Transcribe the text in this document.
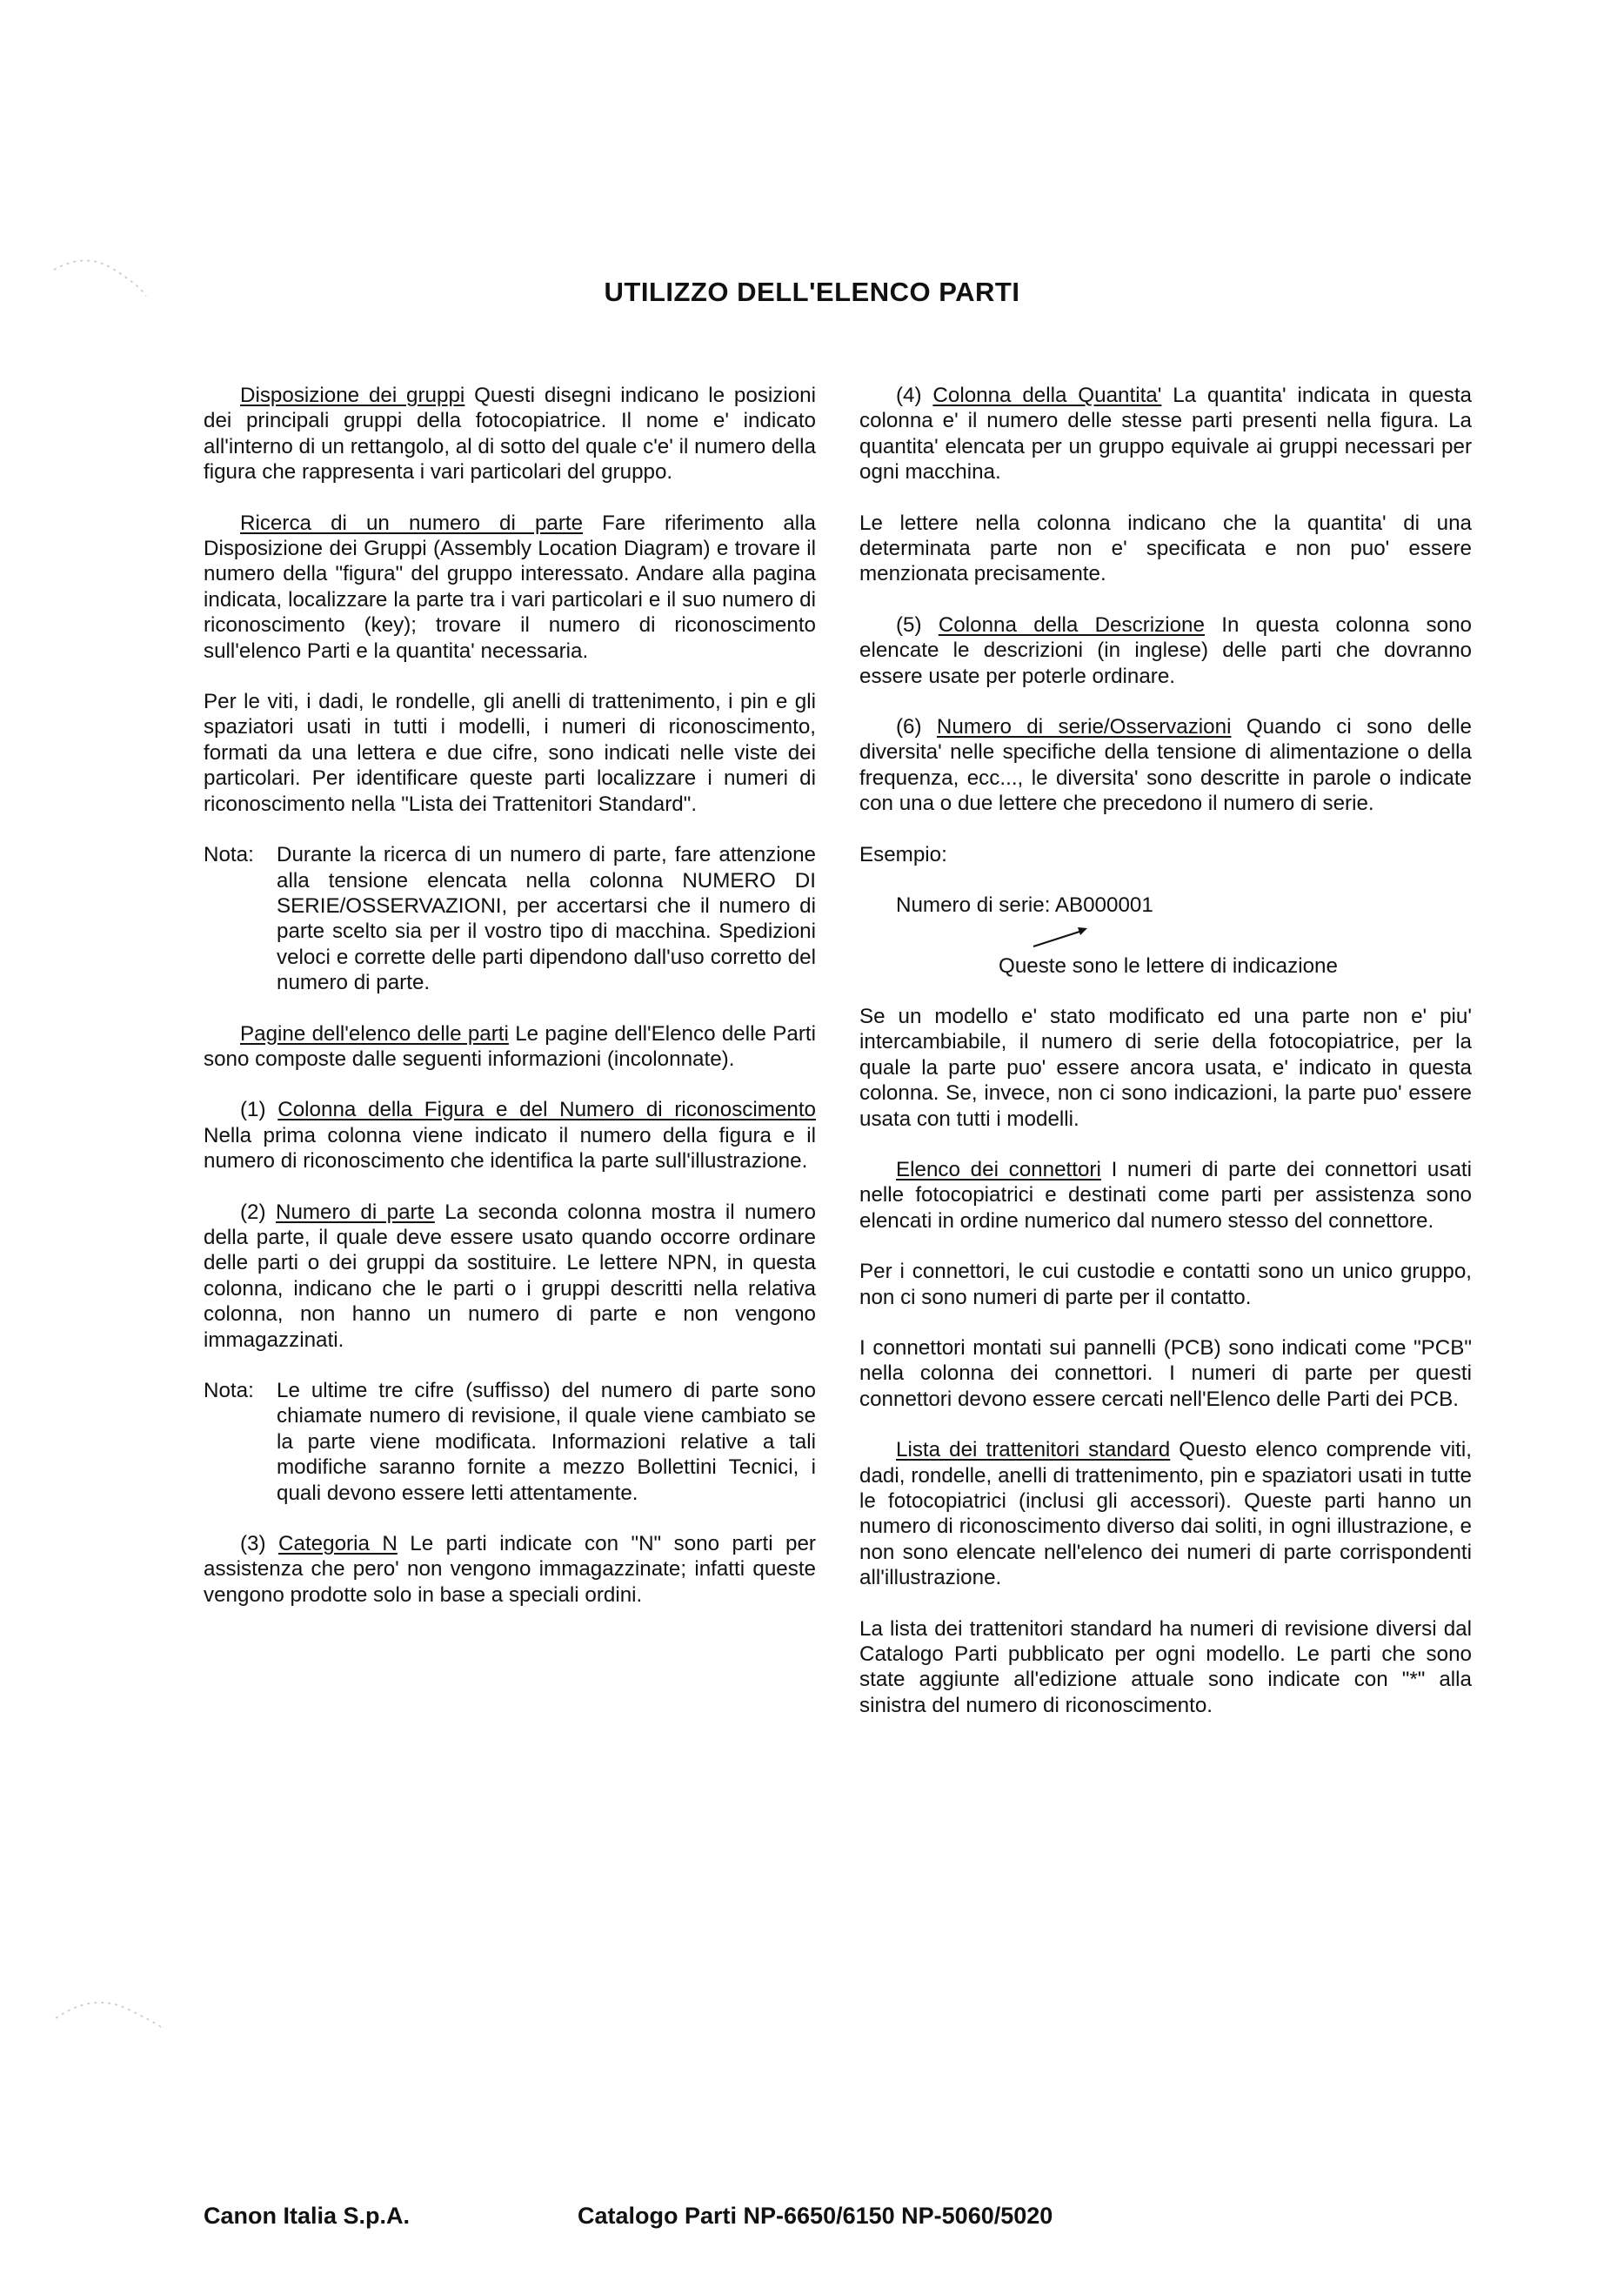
UTILIZZO DELL'ELENCO PARTI

Disposizione dei gruppi Questi disegni indicano le posizioni dei principali gruppi della fotocopiatrice. Il nome e' indicato all'interno di un rettangolo, al di sotto del quale c'e' il numero della figura che rappresenta i vari particolari del gruppo.

Ricerca di un numero di parte Fare riferimento alla Disposizione dei Gruppi (Assembly Location Diagram) e trovare il numero della "figura" del gruppo interessato. Andare alla pagina indicata, localizzare la parte tra i vari particolari e il suo numero di riconoscimento (key); trovare il numero di riconoscimento sull'elenco Parti e la quantita' necessaria.

Per le viti, i dadi, le rondelle, gli anelli di trattenimento, i pin e gli spaziatori usati in tutti i modelli, i numeri di riconoscimento, formati da una lettera e due cifre, sono indicati nelle viste dei particolari. Per identificare queste parti localizzare i numeri di riconoscimento nella "Lista dei Trattenitori Standard".

Nota:	Durante la ricerca di un numero di parte, fare attenzione alla tensione elencata nella colonna NUMERO DI SERIE/OSSERVAZIONI, per accertarsi che il numero di parte scelto sia per il vostro tipo di macchina. Spedizioni veloci e corrette delle parti dipendono dall'uso corretto del numero di parte.

Pagine dell'elenco delle parti Le pagine dell'Elenco delle Parti sono composte dalle seguenti informazioni (incolonnate).

(1) Colonna della Figura e del Numero di riconoscimento Nella prima colonna viene indicato il numero della figura e il numero di riconoscimento che identifica la parte sull'illustrazione.

(2) Numero di parte La seconda colonna mostra il numero della parte, il quale deve essere usato quando occorre ordinare delle parti o dei gruppi da sostituire. Le lettere NPN, in questa colonna, indicano che le parti o i gruppi descritti nella relativa colonna, non hanno un numero di parte e non vengono immagazzinati.

Nota:	Le ultime tre cifre (suffisso) del numero di parte sono chiamate numero di revisione, il quale viene cambiato se la parte viene modificata. Informazioni relative a tali modifiche saranno fornite a mezzo Bollettini Tecnici, i quali devono essere letti attentamente.

(3) Categoria N Le parti indicate con "N" sono parti per assistenza che pero' non vengono immagazzinate; infatti queste vengono prodotte solo in base a speciali ordini.

(4) Colonna della Quantita' La quantita' indicata in questa colonna e' il numero delle stesse parti presenti nella figura. La quantita' elencata per un gruppo equivale ai gruppi necessari per ogni macchina.

Le lettere nella colonna indicano che la quantita' di una determinata parte non e' specificata e non puo' essere menzionata precisamente.

(5) Colonna della Descrizione In questa colonna sono elencate le descrizioni (in inglese) delle parti che dovranno essere usate per poterle ordinare.

(6) Numero di serie/Osservazioni Quando ci sono delle diversita' nelle specifiche della tensione di alimentazione o della frequenza, ecc..., le diversita' sono descritte in parole o indicate con una o due lettere che precedono il numero di serie.

Esempio:

Numero di serie: AB000001
Queste sono le lettere di indicazione

Se un modello e' stato modificato ed una parte non e' piu' intercambiabile, il numero di serie della fotocopiatrice, per la quale la parte puo' essere ancora usata, e' indicato in questa colonna. Se, invece, non ci sono indicazioni, la parte puo' essere usata con tutti i modelli.

Elenco dei connettori I numeri di parte dei connettori usati nelle fotocopiatrici e destinati come parti per assistenza sono elencati in ordine numerico dal numero stesso del connettore.

Per i connettori, le cui custodie e contatti sono un unico gruppo, non ci sono numeri di parte per il contatto.

I connettori montati sui pannelli (PCB) sono indicati come "PCB" nella colonna dei connettori. I numeri di parte per questi connettori devono essere cercati nell'Elenco delle Parti dei PCB.

Lista dei trattenitori standard Questo elenco comprende viti, dadi, rondelle, anelli di trattenimento, pin e spaziatori usati in tutte le fotocopiatrici (inclusi gli accessori). Queste parti hanno un numero di riconoscimento diverso dai soliti, in ogni illustrazione, e non sono elencate nell'elenco dei numeri di parte corrispondenti all'illustrazione.

La lista dei trattenitori standard ha numeri di revisione diversi dal Catalogo Parti pubblicato per ogni modello. Le parti che sono state aggiunte all'edizione attuale sono indicate con "*" alla sinistra del numero di riconoscimento.

Canon Italia S.p.A.	Catalogo Parti NP-6650/6150 NP-5060/5020
